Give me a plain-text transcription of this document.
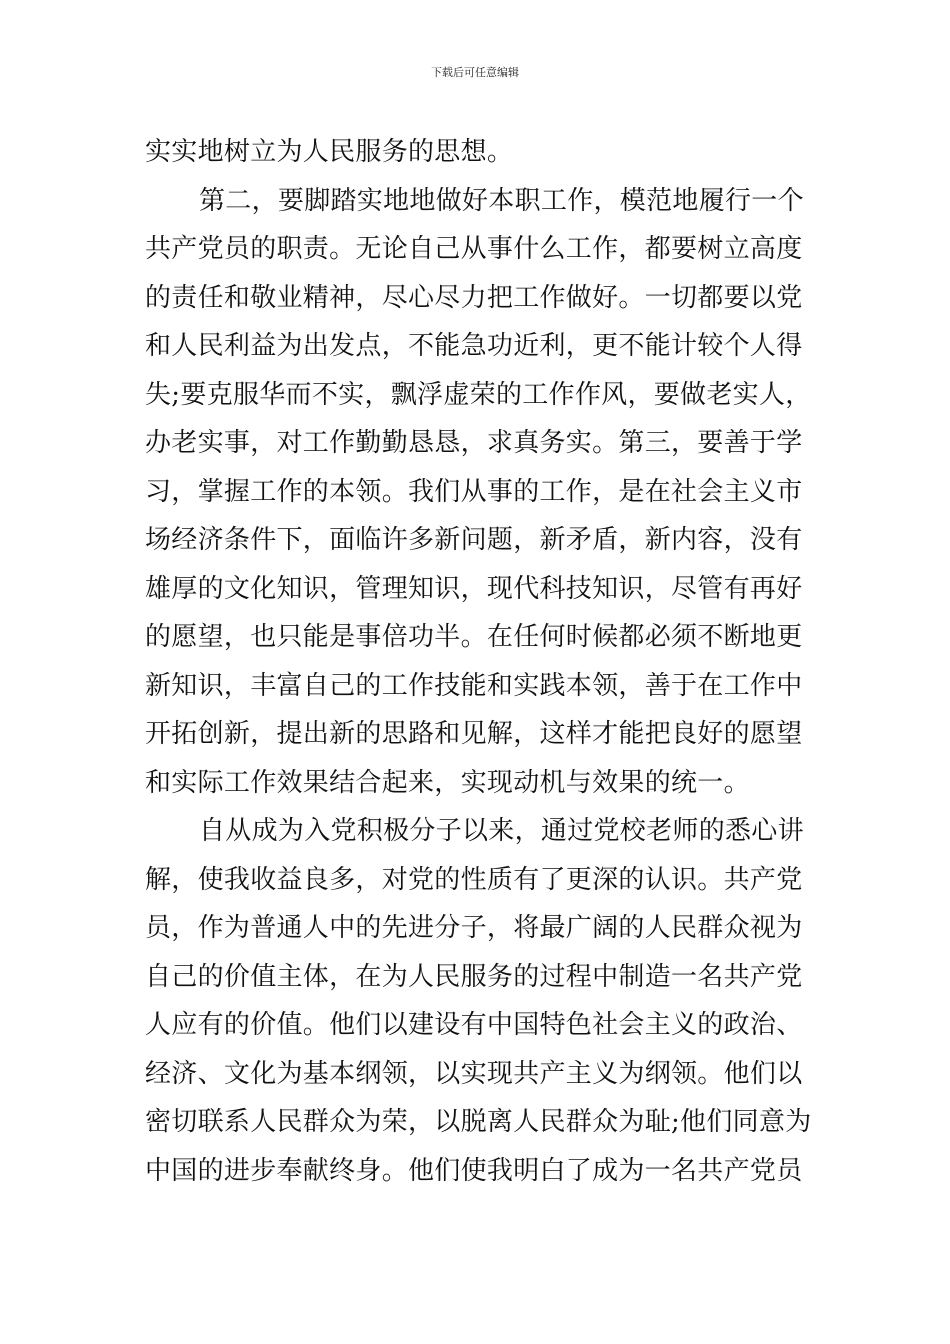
下载后可任意编辑
实实地树立为人民服务的思想。
第二，要脚踏实地地做好本职工作，模范地履行一个
共产党员的职责。无论自己从事什么工作，都要树立高度
的责任和敬业精神，尽心尽力把工作做好。一切都要以党
和人民利益为出发点，不能急功近利，更不能计较个人得
失;要克服华而不实，飘浮虚荣的工作作风，要做老实人，
办老实事，对工作勤勤恳恳，求真务实。第三，要善于学
习，掌握工作的本领。我们从事的工作，是在社会主义市
场经济条件下，面临许多新问题，新矛盾，新内容，没有
雄厚的文化知识，管理知识，现代科技知识，尽管有再好
的愿望，也只能是事倍功半。在任何时候都必须不断地更
新知识，丰富自己的工作技能和实践本领，善于在工作中
开拓创新，提出新的思路和见解，这样才能把良好的愿望
和实际工作效果结合起来，实现动机与效果的统一。
自从成为入党积极分子以来，通过党校老师的悉心讲
解，使我收益良多，对党的性质有了更深的认识。共产党
员，作为普通人中的先进分子，将最广阔的人民群众视为
自己的价值主体，在为人民服务的过程中制造一名共产党
人应有的价值。他们以建设有中国特色社会主义的政治、
经济、文化为基本纲领，以实现共产主义为纲领。他们以
密切联系人民群众为荣，以脱离人民群众为耻;他们同意为
中国的进步奉献终身。他们使我明白了成为一名共产党员
